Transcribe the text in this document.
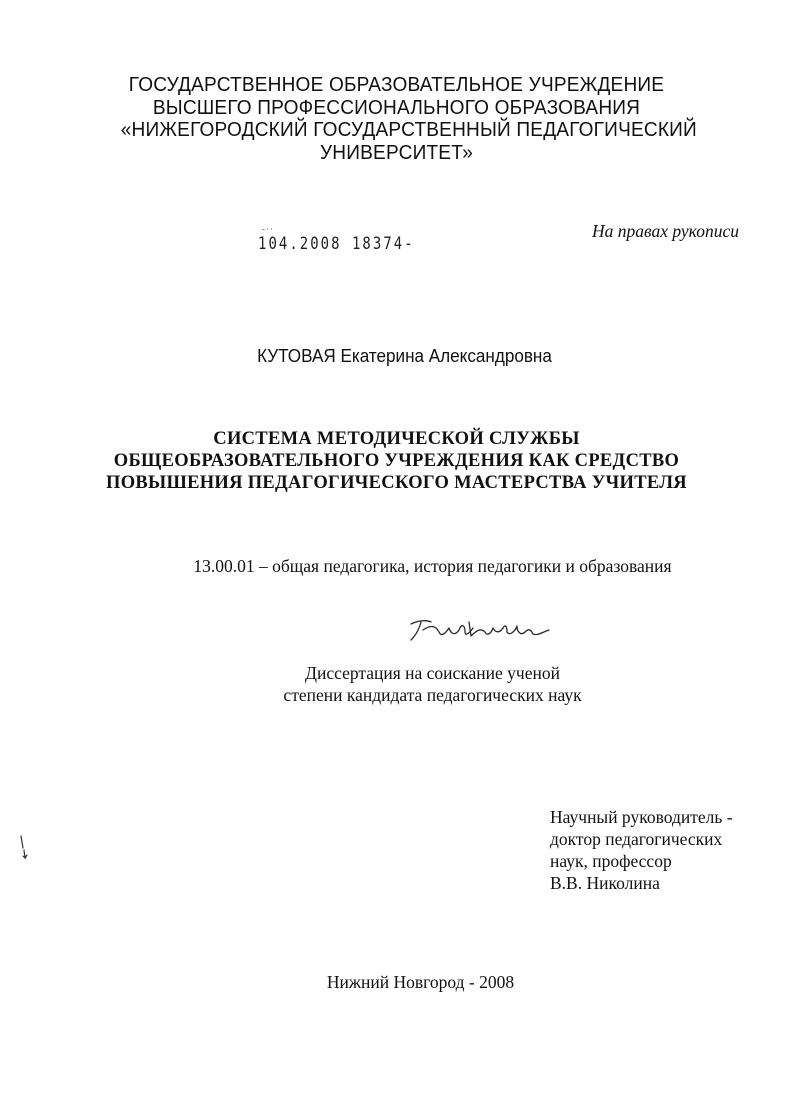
ГОСУДАРСТВЕННОЕ ОБРАЗОВАТЕЛЬНОЕ УЧРЕЖДЕНИЕ
ВЫСШЕГО ПРОФЕССИОНАЛЬНОГО ОБРАЗОВАНИЯ
«НИЖЕГОРОДСКИЙ ГОСУДАРСТВЕННЫЙ ПЕДАГОГИЧЕСКИЙ
УНИВЕРСИТЕТ»
-··
104.2008 18374-
На правах рукописи
КУТОВАЯ Екатерина Александровна
СИСТЕМА МЕТОДИЧЕСКОЙ СЛУЖБЫ
ОБЩЕОБРАЗОВАТЕЛЬНОГО УЧРЕЖДЕНИЯ КАК СРЕДСТВО
ПОВЫШЕНИЯ ПЕДАГОГИЧЕСКОГО МАСТЕРСТВА УЧИТЕЛЯ
13.00.01 – общая педагогика, история педагогики и образования
Диссертация на соискание ученой
степени кандидата педагогических наук
Научный руководитель -
доктор педагогических
наук, профессор
В.В. Николина
Нижний Новгород - 2008
